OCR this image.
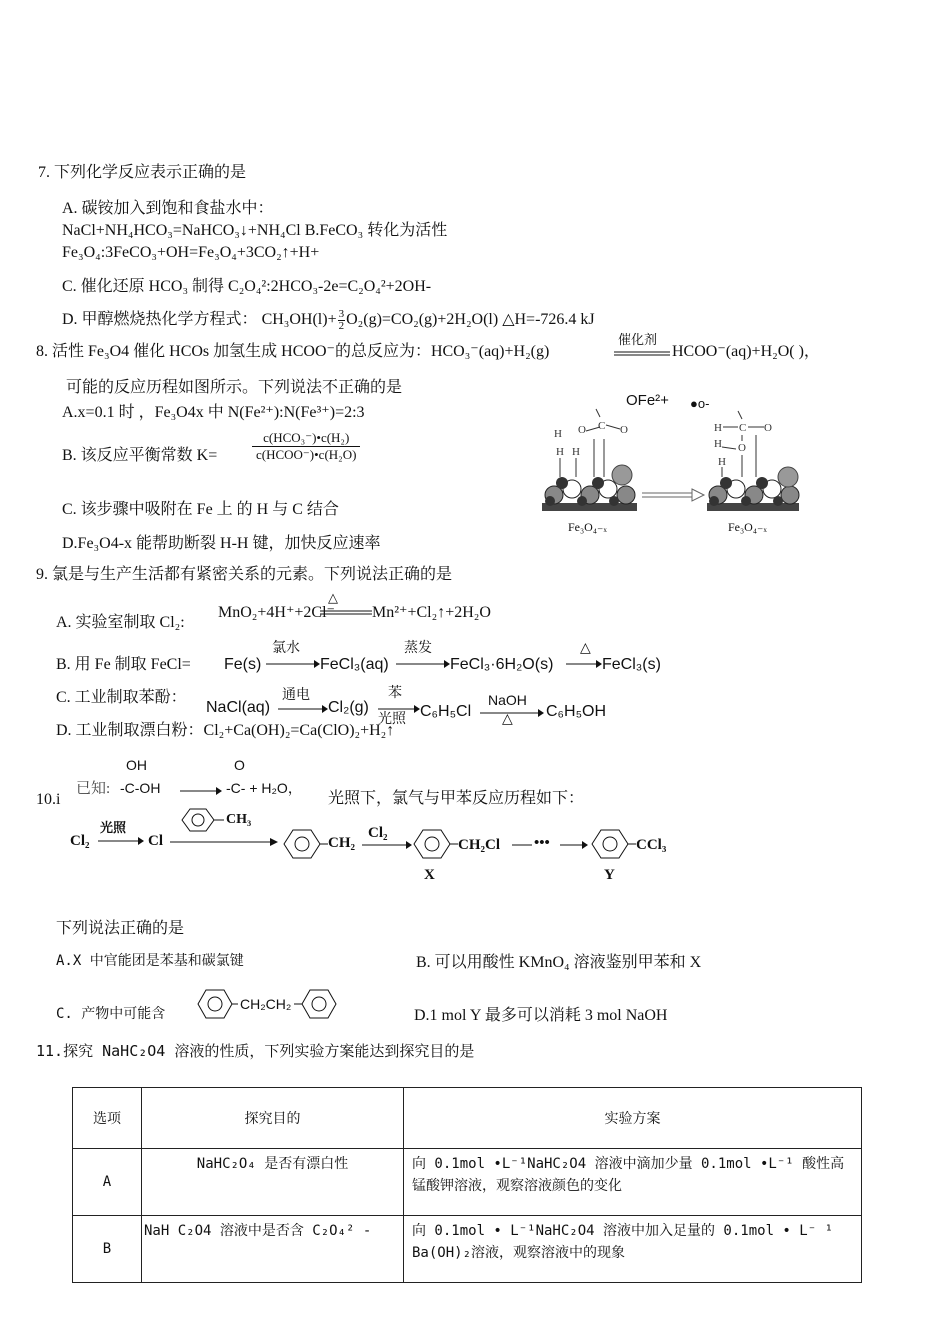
7. 下列化学反应表示正确的是
A. 碳铵加入到饱和食盐水中：
NaCl+NH₄HCO₃=NaHCO₃↓+NH₄Cl B.FeCO₃ 转化为活性
Fe₃O₄:3FeCO₃+OH=Fe₃O₄+3CO₂↑+H+
C. 催化还原 HCO₃ 制得 C₂O₄²:2HCO₃-2e=C₂O₄²+2OH-
D. 甲醇燃烧热化学方程式： $CH_3OH(l)+ \frac{3}{2} O_2(g)=CO_2(g)+2H_2O(l)$ △H=-726.4 kJ
8. 活性 Fe₃O4 催化 HCOs 加氢生成 HCOO⁻的总反应为：HCO₃⁻(aq)+H₂(g)
催化剂
HCOO⁻(aq)+H₂O( )，
可能的反应历程如图所示。下列说法不正确的是
A.x=0.1 时 ，Fe₃O4x 中 N(Fe²⁺):N(Fe³⁺)=2:3
B. 该反应平衡常数 K=
c(HCO₃⁻)•c(H₂)
c(HCOO⁻)•c(H₂O)
C. 该步骤中吸附在 Fe 上 的 H 与 C 结合
D.Fe₃O4-x 能帮助断裂 H-H 键，加快反应速率
OFe²+ ●o-
H O C O
H H
H C O
H O
H
Fe₃O₄₋ₓ	Fe₃O₄₋ₓ
9. 氯是与生产生活都有紧密关系的元素。下列说法正确的是
A. 实验室制取 Cl₂:
MnO₂+4H⁺+2Cl⁻
△
Mn²⁺+Cl₂↑+2H₂O
B. 用 Fe 制取 FeCl= Fe(s)
氯水
FeCl₃(aq)
蒸发
FeCl₃·6H₂O(s)
△
FeCl₃(s)
C. 工业制取苯酚：
NaCl(aq)
通电
Cl₂(g)
苯
光照 C₆H₅Cl
NaOH
△ C₆H₅OH
D. 工业制取漂白粉：Cl₂+Ca(OH)₂=Ca(ClO)₂+H₂↑
10.i
已知:
OH
-C-OH
O
-C- + H₂O，
光照下，氯气与甲苯反应历程如下：
Cl₂
光照
Cl
CH₃
CH₂
Cl₂
CH₂Cl •••	CCl₃
X	Y
下列说法正确的是
A.X 中官能团是苯基和碳氯键	B. 可以用酸性 KMnO₄ 溶液鉴别甲苯和 X
C. 产物中可能含
CH₂CH₂
D.1 mol Y 最多可以消耗 3 mol NaOH
11.探究 NaHC₂O4 溶液的性质，下列实验方案能达到探究目的是
选项	探究目的	实验方案
A	NaHC₂O₄ 是否有漂白性	向 0.1mol •L⁻¹NaHC₂O4 溶液中滴加少量 0.1mol •L⁻¹ 酸性高 锰酸钾溶液，观察溶液颜色的变化
B	NaH C₂O4 溶液中是否含 C₂O₄² -	向 0.1mol • L⁻¹NaHC₂O4 溶液中加入足量的 0.1mol • L⁻ ¹ Ba(OH)₂溶液，观察溶液中的现象
